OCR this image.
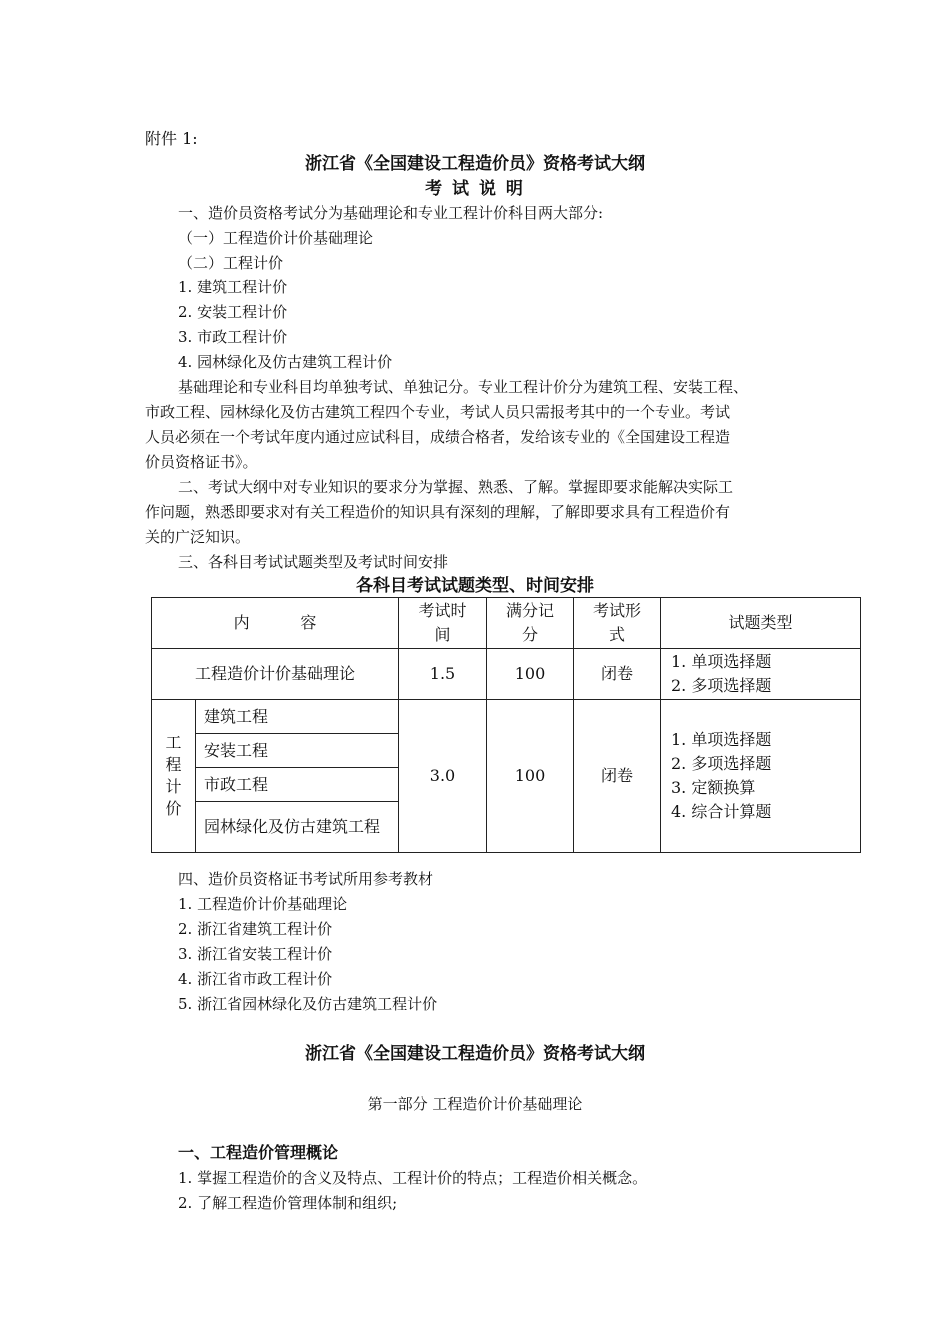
附件 1:
浙江省《全国建设工程造价员》资格考试大纲
考 试 说 明
一、造价员资格考试分为基础理论和专业工程计价科目两大部分:
（一）工程造价计价基础理论
（二）工程计价
1. 建筑工程计价
2. 安装工程计价
3. 市政工程计价
4. 园林绿化及仿古建筑工程计价
基础理论和专业科目均单独考试、单独记分。专业工程计价分为建筑工程、安装工程、
市政工程、园林绿化及仿古建筑工程四个专业，考试人员只需报考其中的一个专业。考试
人员必须在一个考试年度内通过应试科目，成绩合格者，发给该专业的《全国建设工程造
价员资格证书》。
二、考试大纲中对专业知识的要求分为掌握、熟悉、了解。掌握即要求能解决实际工
作问题，熟悉即要求对有关工程造价的知识具有深刻的理解，了解即要求具有工程造价有
关的广泛知识。
三、各科目考试试题类型及考试时间安排
各科目考试试题类型、时间安排
内          容		考试时间	满分记分	考试形式	试题类型
工程造价计价基础理论		1.5	100	闭卷	1. 单项选择题
2. 多项选择题

工程计价	建筑工程	3.0	100	闭卷	1. 单项选择题
2. 多项选择题
3. 定额换算
4. 综合计算题

	安装工程				
	市政工程				
	园林绿化及仿古建筑工程				
四、造价员资格证书考试所用参考教材
1. 工程造价计价基础理论
2. 浙江省建筑工程计价
3. 浙江省安装工程计价
4. 浙江省市政工程计价
5. 浙江省园林绿化及仿古建筑工程计价
浙江省《全国建设工程造价员》资格考试大纲
第一部分 工程造价计价基础理论
一、工程造价管理概论
1. 掌握工程造价的含义及特点、工程计价的特点；工程造价相关概念。
2. 了解工程造价管理体制和组织;
